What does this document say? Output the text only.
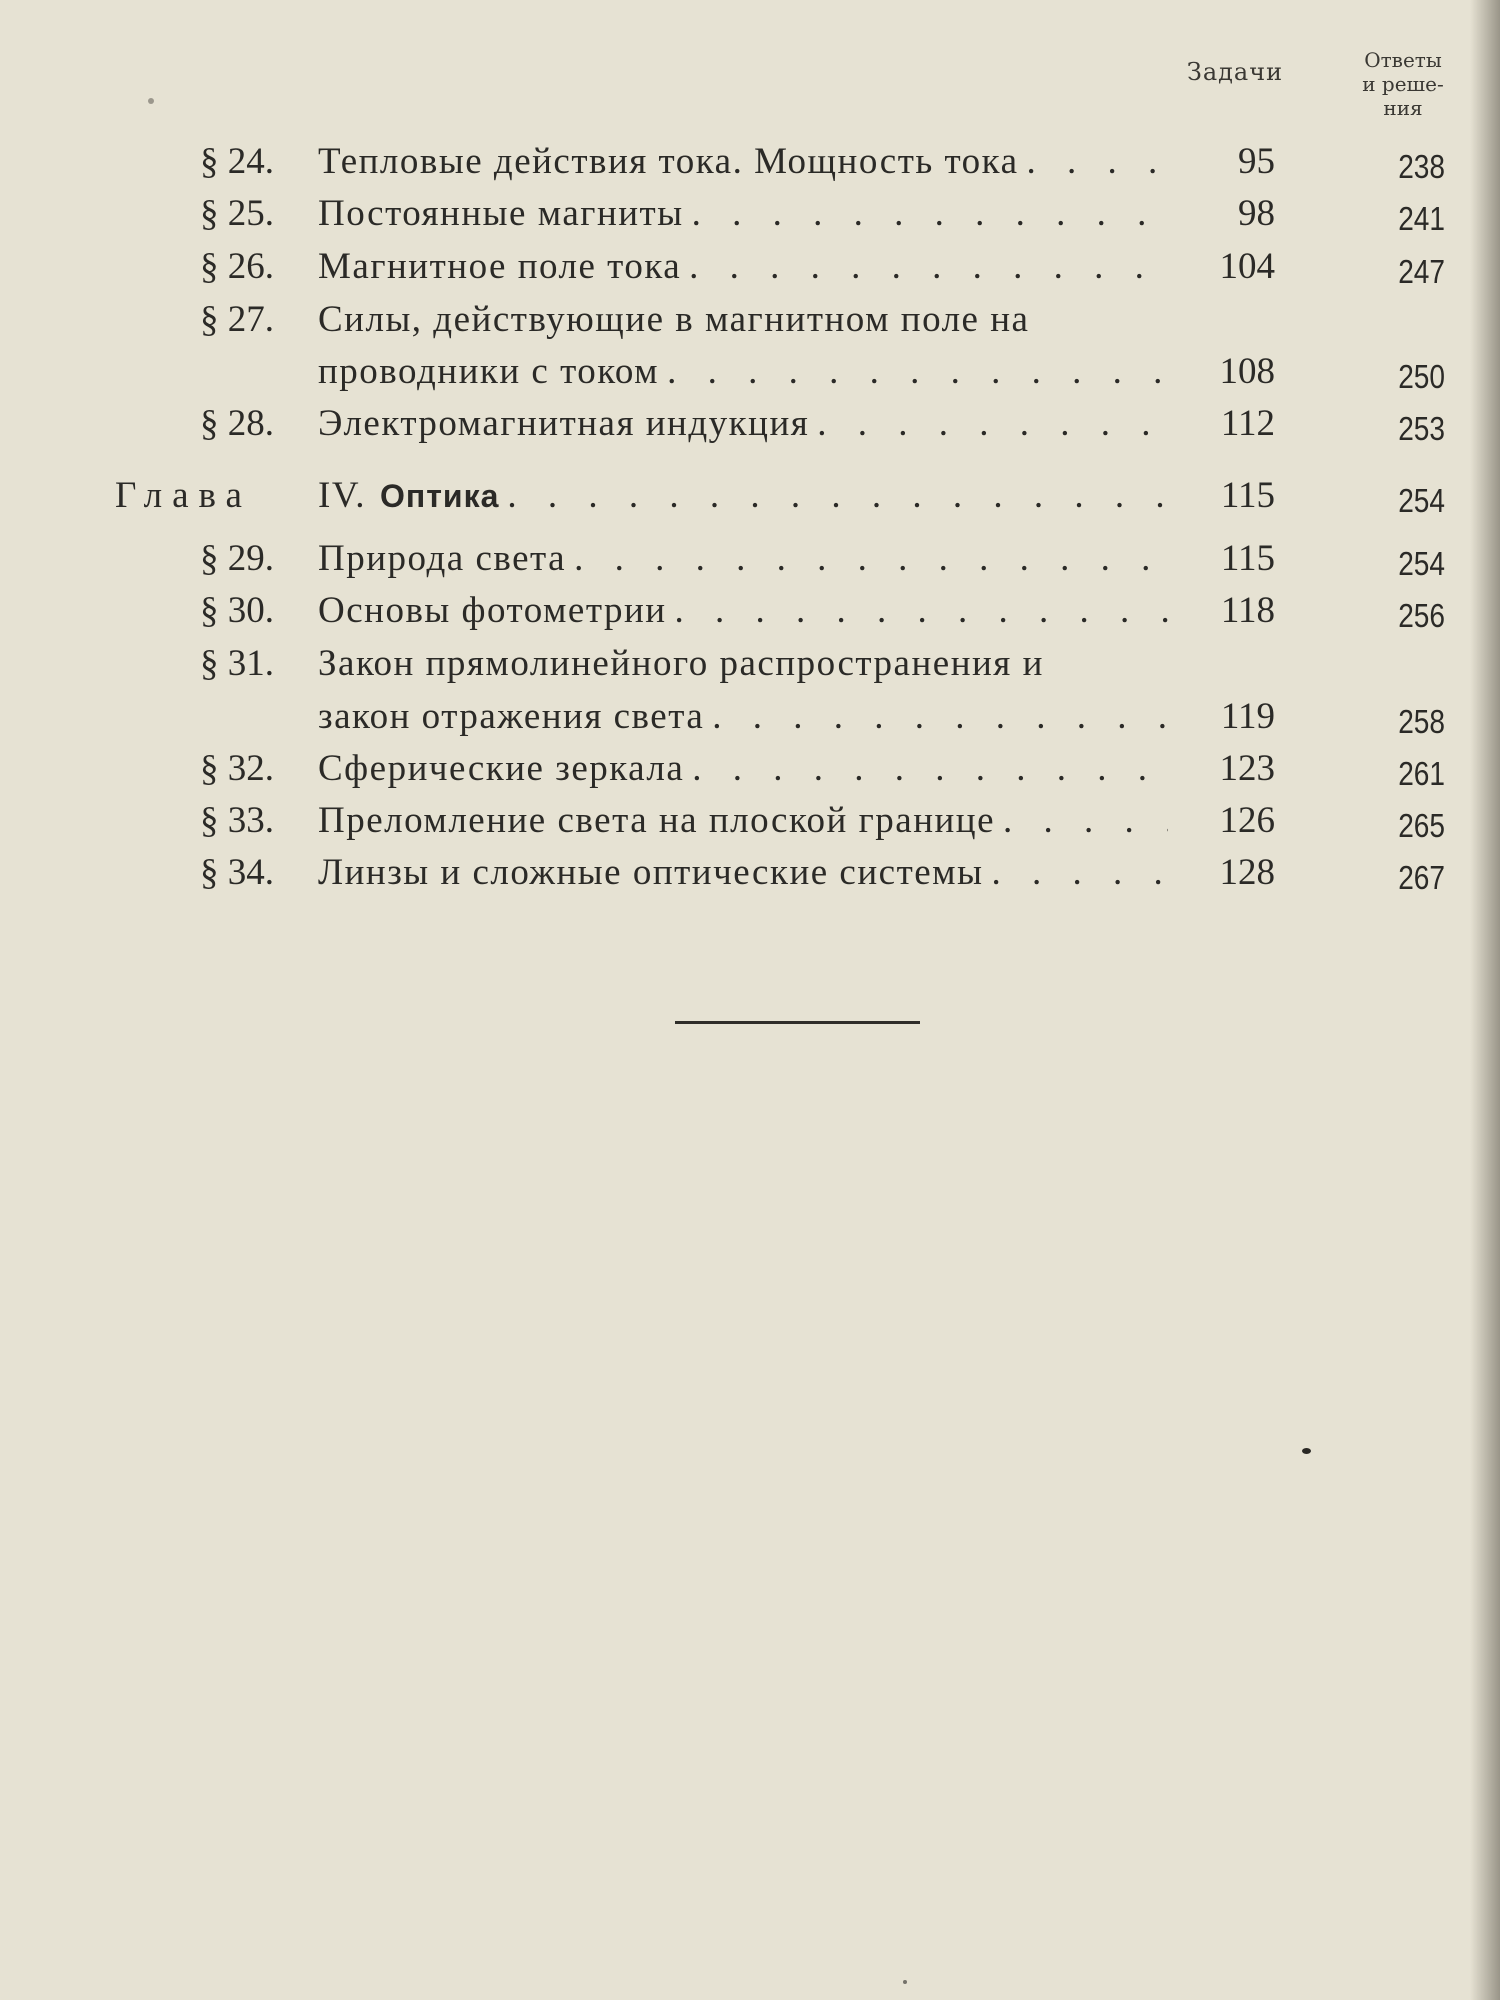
Задачи	Ответы
и реше-
ния
§ 24.	Тепловые действия тока. Мощность тока . . .	95	238
§ 25.	Постоянные магниты . . .	98	241
§ 26.	Магнитное поле тока . . .	104	247
§ 27.	Силы, действующие в магнитном поле на
проводники с током . . .	108	250
§ 28.	Электромагнитная индукция . . .	112	253
Глава IV. Оптика . . .	115	254
§ 29.	Природа света . . .	115	254
§ 30.	Основы фотометрии . . .	118	256
§ 31.	Закон прямолинейного распространения и
закон отражения света . . .	119	258
§ 32.	Сферические зеркала . . .	123	261
§ 33.	Преломление света на плоской границе . . .	126	265
§ 34.	Линзы и сложные оптические системы . . .	128	267
